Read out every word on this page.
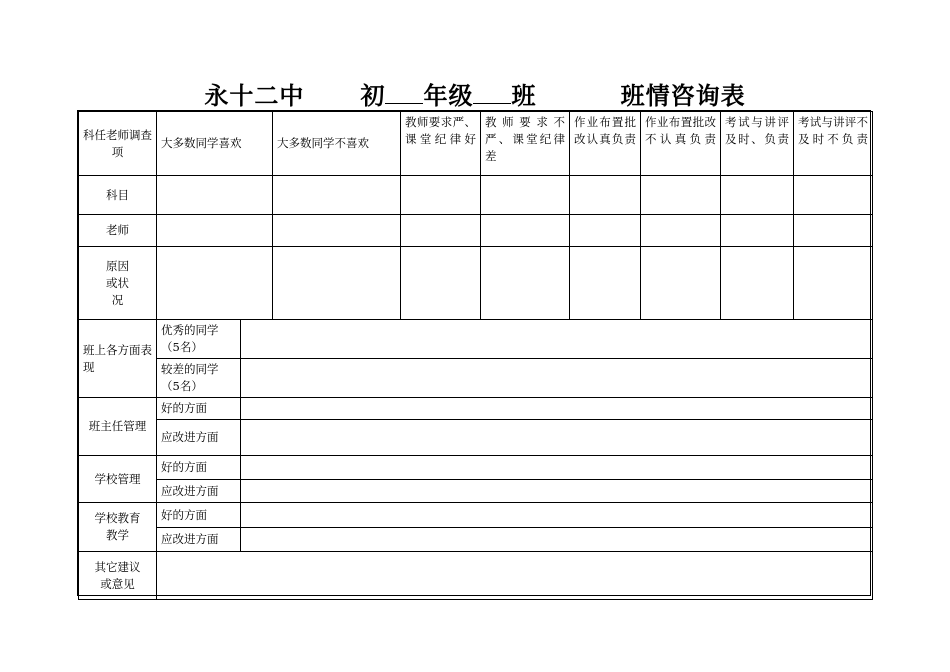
永十二中 初 年级 班	班情咨询表
科任老师调查项	大多数同学喜欢		大多数同学不喜欢	教师要求严、课堂纪律好	教师要求不严、课堂纪律差	作业布置批改认真负责	作业布置批改不认真负责	考试与讲评及时、负责	考试与讲评不及时不负责
科目									
老师									
原因或状况									
班上各方面表现	优秀的同学（5名）								
	较差的同学（5名）								
班主任管理	好的方面								
	应改进方面								
学校管理	好的方面								
	应改进方面								
学校教育教学	好的方面								
	应改进方面								
其它建议或意见									
